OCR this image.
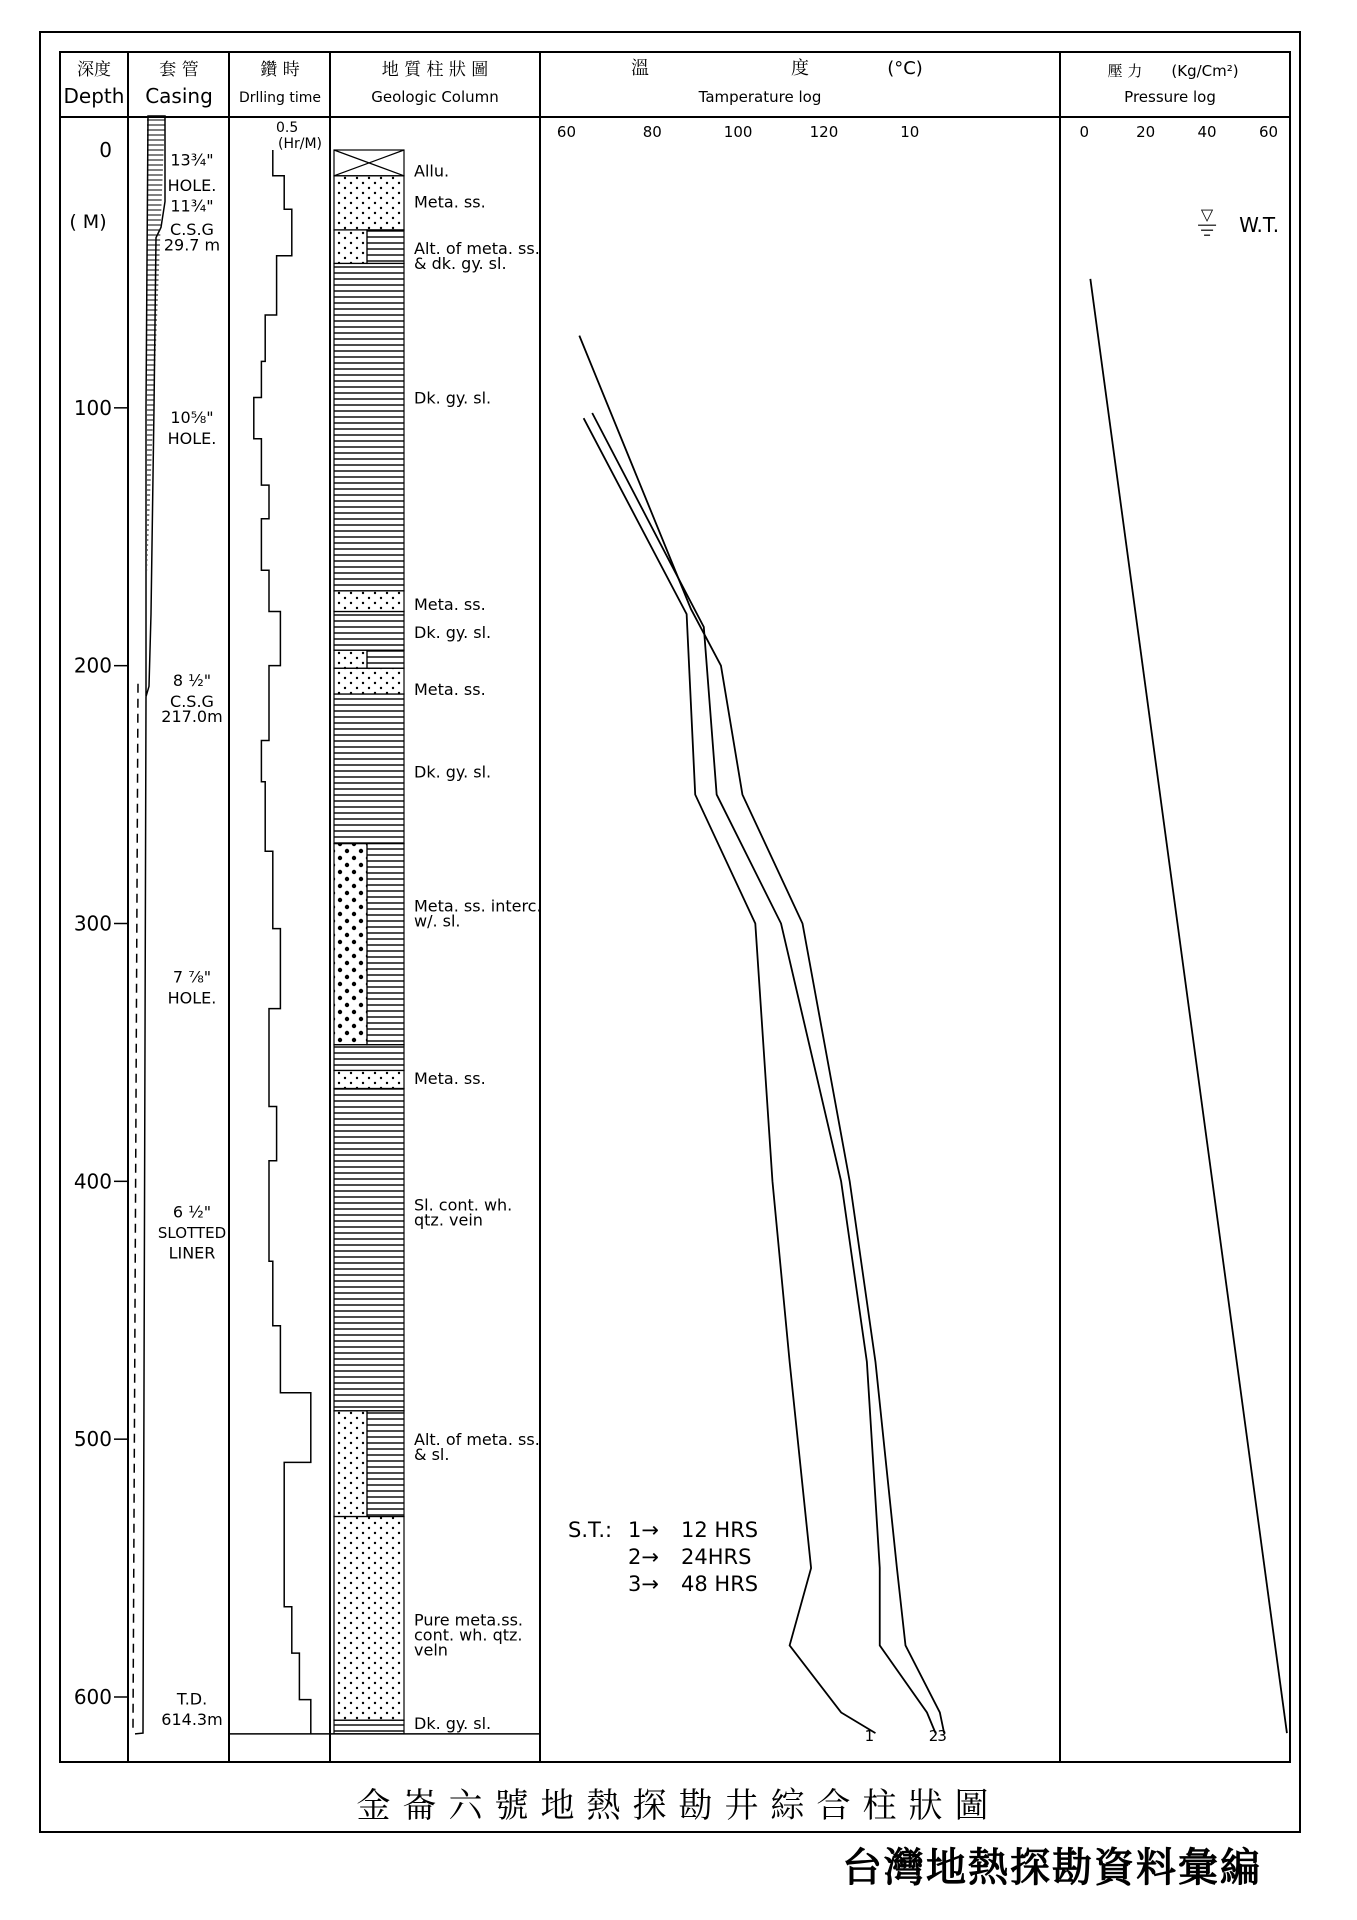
深度
Depth
套 管
Casing
鑽 時
Drlling time
地 質 柱 狀 圖
Geologic Column
溫	度	(°C)
Tamperature log
壓 力 (Kg/Cm²)
Pressure log
0
100
200
300
400
500
600
( M)
13¾"
HOLE.
11¾"
C.S.G
29.7 m
10⅝"
HOLE.
8 ½"
C.S.G
217.0m
7 ⅞"
HOLE.
6 ½"
SLOTTED
LINER
T.D.
614.3m
0.5
(Hr/M)
Allu.
Meta. ss.
Alt. of meta. ss.
& dk. gy. sl.
Dk. gy. sl.
Meta. ss.
Dk. gy. sl.
Meta. ss.
Dk. gy. sl.
Meta. ss. interc.
w/. sl.
Meta. ss.
Sl. cont. wh.
qtz. vein
Alt. of meta. ss.
& sl.
Pure meta.ss.
cont. wh. qtz.
veln
Dk. gy. sl.
60	80	100	120	10
1	2 3
S.T.: 1→ 12 HRS
2→ 24HRS
3→ 48 HRS
0	20	40	60
▽ W.T.
金崙六號地熱探勘井綜合柱狀圖
台灣地熱探勘資料彙編
